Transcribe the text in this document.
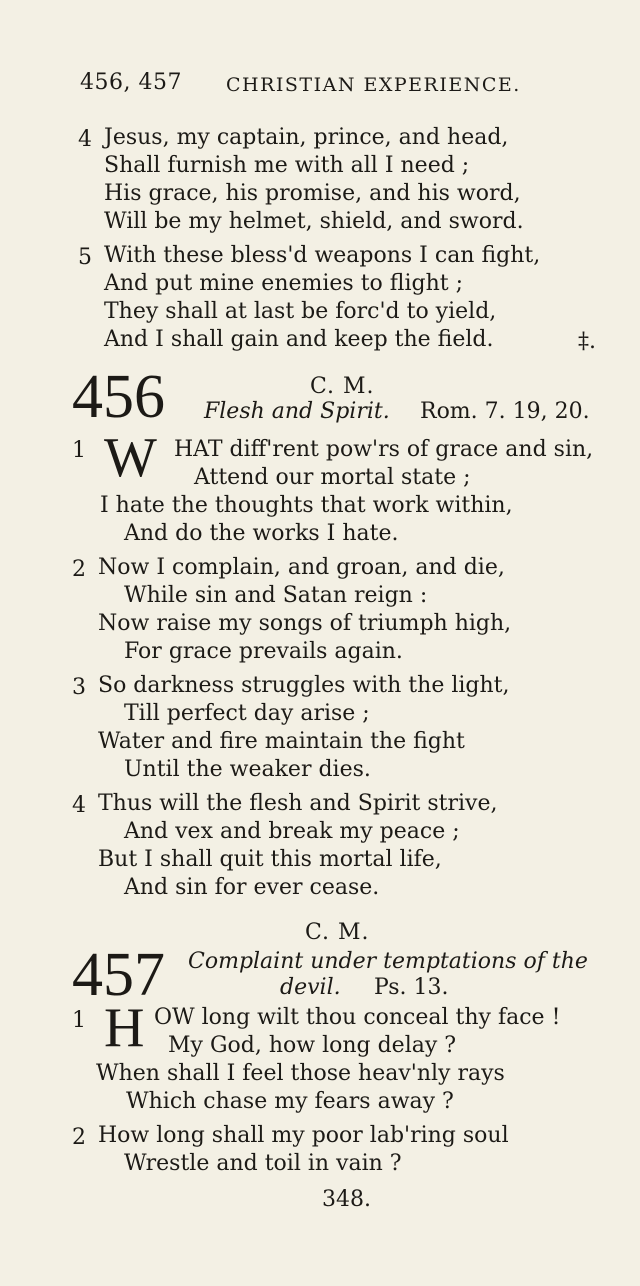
456, 457 CHRISTIAN EXPERIENCE.
4 Jesus, my captain, prince, and head,
Shall furnish me with all I need ;
His grace, his promise, and his word,
Will be my helmet, shield, and sword.
5 With these bless'd weapons I can fight,
And put mine enemies to flight ;
They shall at last be forc'd to yield,
And I shall gain and keep the field.	‡.
456	C. M.
Flesh and Spirit. Rom. 7. 19, 20.
1 W HAT diff'rent pow'rs of grace and sin,
Attend our mortal state ;
I hate the thoughts that work within,
And do the works I hate.
2 Now I complain, and groan, and die,
While sin and Satan reign :
Now raise my songs of triumph high,
For grace prevails again.
3 So darkness struggles with the light,
Till perfect day arise ;
Water and fire maintain the fight
Until the weaker dies.
4 Thus will the flesh and Spirit strive,
And vex and break my peace ;
But I shall quit this mortal life,
And sin for ever cease.
C. M.
457 Complaint under temptations of the
devil. Ps. 13.
1 H OW long wilt thou conceal thy face !
My God, how long delay ?
When shall I feel those heav'nly rays
Which chase my fears away ?
2 How long shall my poor lab'ring soul
Wrestle and toil in vain ?
348.
